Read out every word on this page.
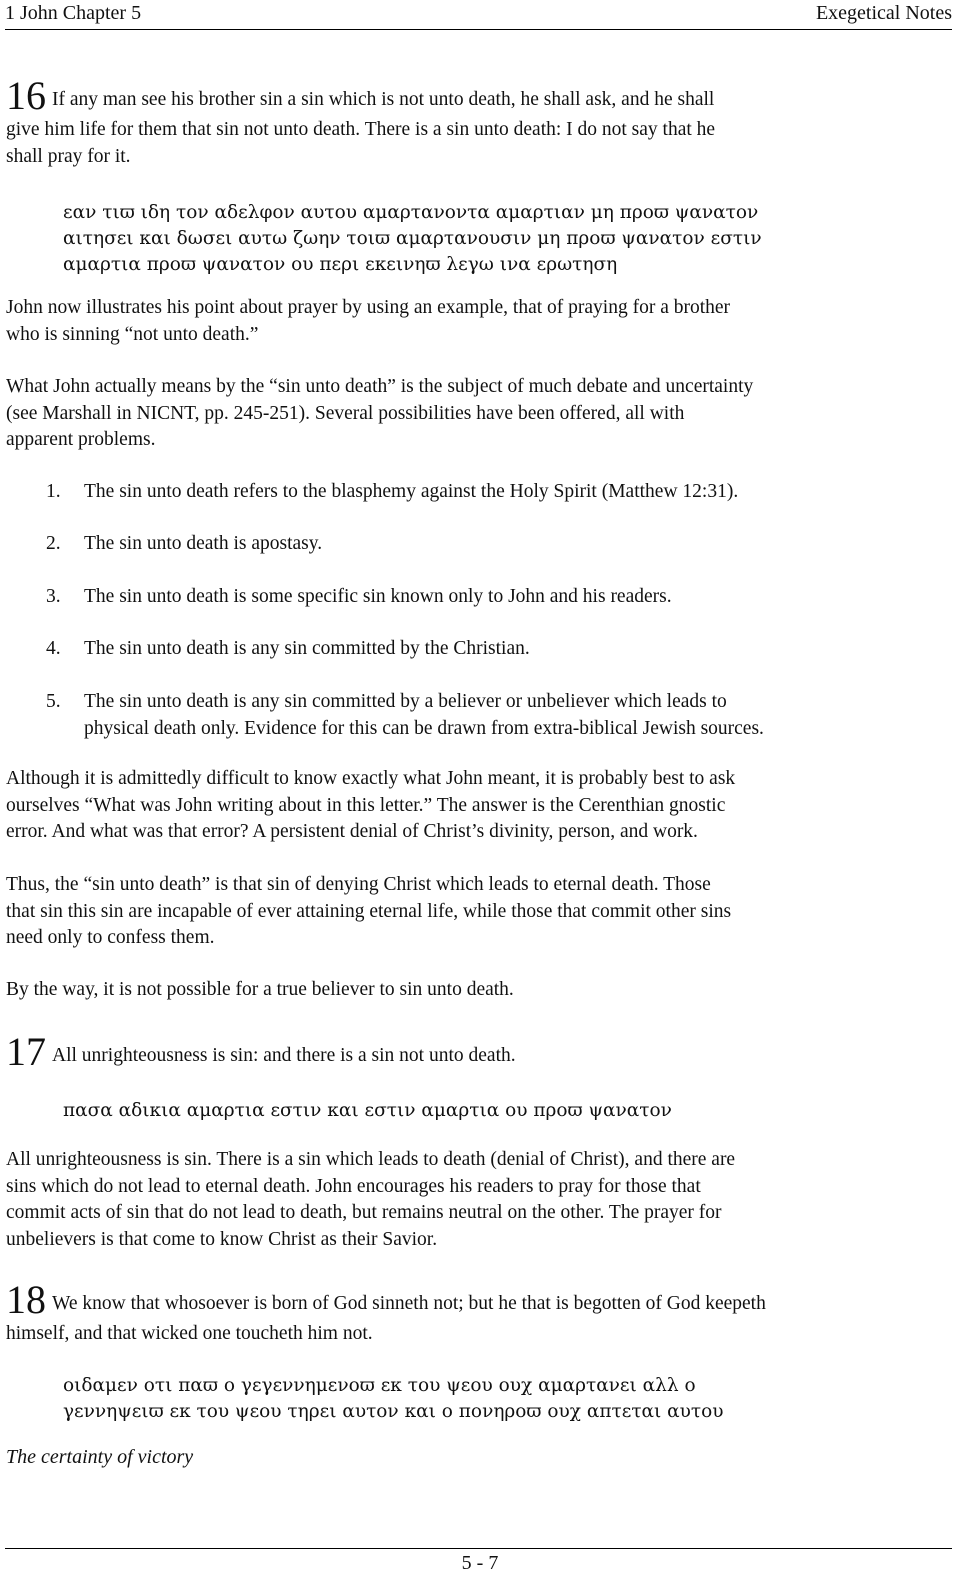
1 John Chapter 5	Exegetical Notes
16 If any man see his brother sin a sin which is not unto death, he shall ask, and he shall
give him life for them that sin not unto death. There is a sin unto death: I do not say that he
shall pray for it.
εαν τιϖ ιδη τον αδελφον αυτου αμαρτανοντα αμαρτιαν μη προϖ ψανατον
αιτησει και δωσει αυτω ζωην τοιϖ αμαρτανουσιν μη προϖ ψανατον εστιν
αμαρτια προϖ ψανατον ου περι εκεινηϖ λεγω ινα ερωτηση
John now illustrates his point about prayer by using an example, that of praying for a brother
who is sinning “not unto death.”
What John actually means by the “sin unto death” is the subject of much debate and uncertainty
(see Marshall in NICNT, pp. 245-251). Several possibilities have been offered, all with
apparent problems.
1.	The sin unto death refers to the blasphemy against the Holy Spirit (Matthew 12:31).
2.	The sin unto death is apostasy.
3.	The sin unto death is some specific sin known only to John and his readers.
4.	The sin unto death is any sin committed by the Christian.
5.	The sin unto death is any sin committed by a believer or unbeliever which leads to
physical death only. Evidence for this can be drawn from extra-biblical Jewish sources.
Although it is admittedly difficult to know exactly what John meant, it is probably best to ask
ourselves “What was John writing about in this letter.” The answer is the Cerenthian gnostic
error. And what was that error? A persistent denial of Christ’s divinity, person, and work.
Thus, the “sin unto death” is that sin of denying Christ which leads to eternal death. Those
that sin this sin are incapable of ever attaining eternal life, while those that commit other sins
need only to confess them.
By the way, it is not possible for a true believer to sin unto death.
17 All unrighteousness is sin: and there is a sin not unto death.
πασα αδικια αμαρτια εστιν και εστιν αμαρτια ου προϖ ψανατον
All unrighteousness is sin. There is a sin which leads to death (denial of Christ), and there are
sins which do not lead to eternal death. John encourages his readers to pray for those that
commit acts of sin that do not lead to death, but remains neutral on the other. The prayer for
unbelievers is that come to know Christ as their Savior.
18 We know that whosoever is born of God sinneth not; but he that is begotten of God keepeth
himself, and that wicked one toucheth him not.
οιδαμεν οτι παϖ ο γεγεννημενοϖ εκ του ψεου ουχ αμαρτανει αλλ ο
γεννηψειϖ εκ του ψεου τηρει αυτον και ο πονηροϖ ουχ απτεται αυτου
The certainty of victory
5 - 7
